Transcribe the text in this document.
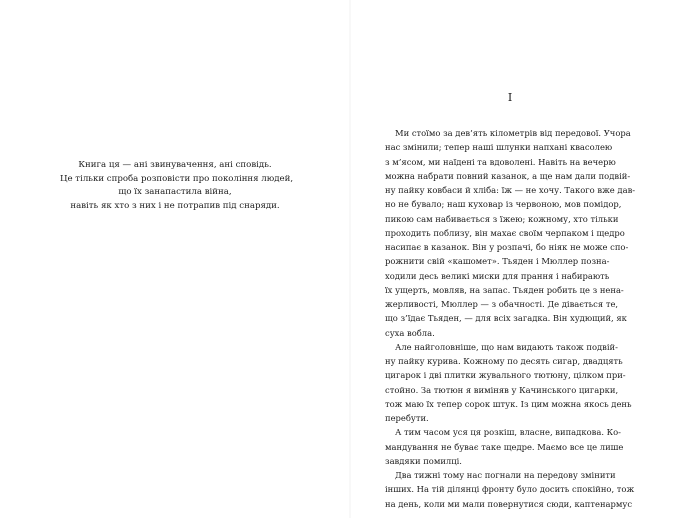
Книга ця — ані звинувачення, ані сповідь.
Це тільки спроба розповісти про покоління людей,
що їх занапастила війна,
навіть як хто з них і не потрапив під снаряди.
I
Ми стоїмо за дев’ять кілометрів від передової. Учора
нас змінили; тепер наші шлунки напхані квасолею
з м’ясом, ми наїдені та вдоволені. Навіть на вечерю
можна набрати повний казанок, а ще нам дали подвій-
ну пайку ковбаси й хліба: їж — не хочу. Такого вже дав-
но не бувало; наш куховар із червоною, мов помідор,
пикою сам набивається з їжею; кожному, хто тільки
проходить поблизу, він махає своїм черпаком і щедро
насипає в казанок. Він у розпачі, бо ніяк не може спо-
рожнити свій «кашомет». Тьяден і Мюллер позна-
ходили десь великі миски для прання і набирають
їх ущерть, мовляв, на запас. Тьяден робить це з нена-
жерливості, Мюллер — з обачності. Де дівається те,
що з’їдає Тьяден, — для всіх загадка. Він худющий, як
суха вобла.
Але найголовніше, що нам видають також подвій-
ну пайку курива. Кожному по десять сигар, двадцять
цигарок і дві плитки жувального тютюну, цілком при-
стойно. За тютюн я виміняв у Качинського цигарки,
тож маю їх тепер сорок штук. Із цим можна якось день
перебути.
А тим часом уся ця розкіш, власне, випадкова. Ко-
мандування не буває таке щедре. Маємо все це лише
завдяки помилці.
Два тижні тому нас погнали на передову змінити
інших. На тій ділянці фронту було досить спокійно, тож
на день, коли ми мали повернутися сюди, каптенармус
